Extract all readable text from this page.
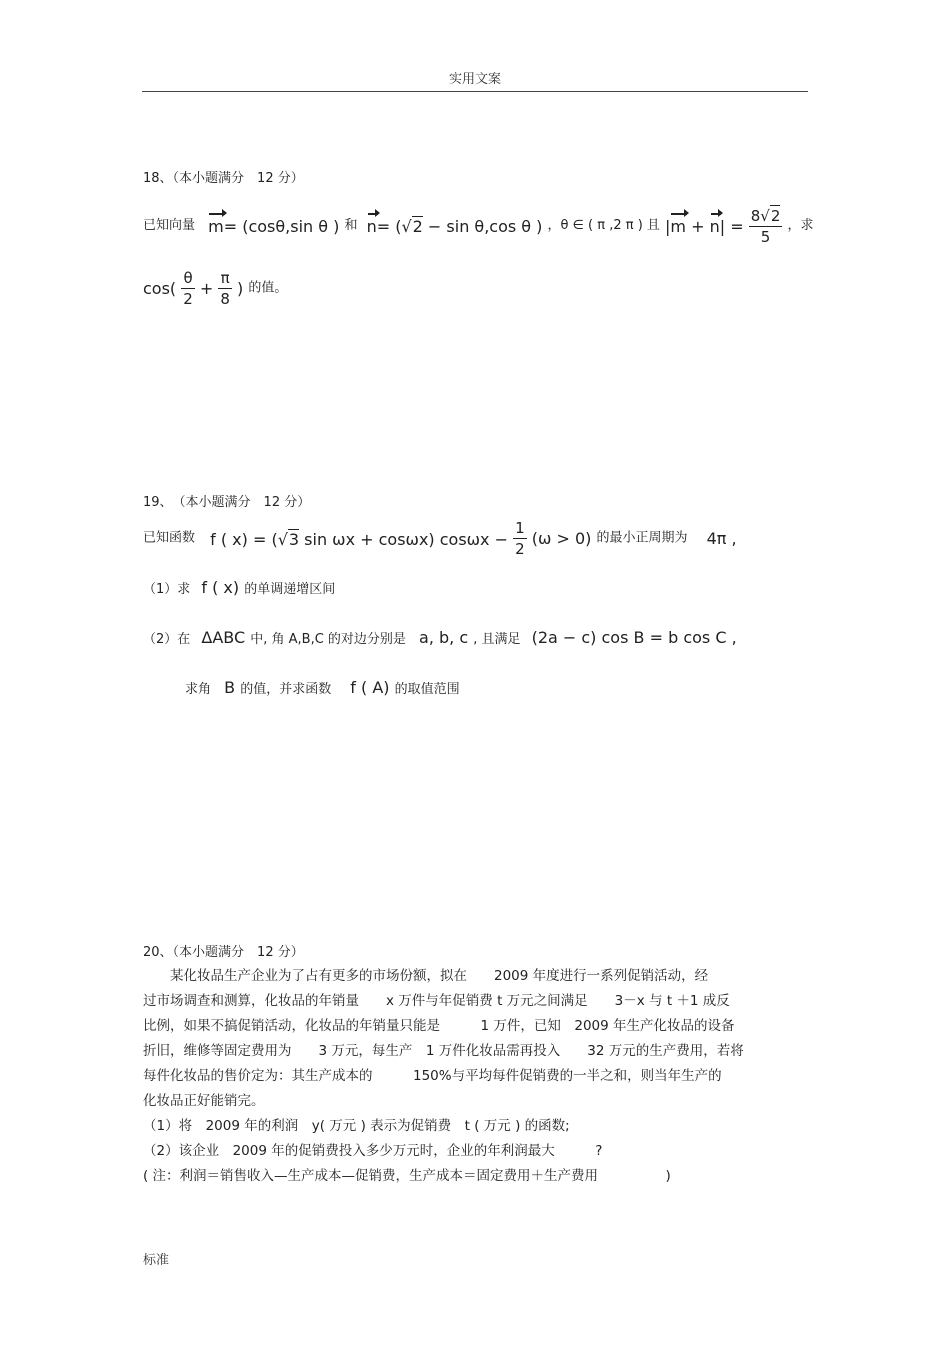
实用文案
18、（本小题满分　12 分）
已知向量 m= (cosθ,sin θ ) 和 n= (√2 − sin θ,cos θ ) ，θ ∈ ( π ,2 π ) 且 $|m + n| = \frac{8√2}{5}$ ，求
$\cos( \frac{\theta}{2} + \frac{\pi}{8}$ ) 的值。
19、　（本小题满分　12 分）
已知函数 f ( x) = (√3 sin ωx + cosωx) $\cos\omega x - \frac{1}{2} (\omega > 0)$ 的最小正周期为 4π ,
（1）求 f ( x) 的单调递增区间
（2）在 ΔABC 中, 角 A,B,C 的对边分别是 a, b, c , 且满足 (2a − c) cos B = b cos C ,
求角 B 的值，并求函数 f ( A) 的取值范围
20、（本小题满分　12 分）
　　某化妆品生产企业为了占有更多的市场份额，拟在　　2009 年度进行一系列促销活动，经
过市场调查和测算，化妆品的年销量　　x 万件与年促销费 t 万元之间满足　　3－x 与 t ＋1 成反
比例，如果不搞促销活动，化妆品的年销量只能是　　　1 万件，已知　2009 年生产化妆品的设备
折旧，维修等固定费用为　　3 万元，每生产　1 万件化妆品需再投入　　32 万元的生产费用，若将
每件化妆品的售价定为：其生产成本的　　　150%与平均每件促销费的一半之和，则当年生产的
化妆品正好能销完。
（1）将　2009 年的利润　y( 万元 ) 表示为促销费　t ( 万元 ) 的函数;
（2）该企业　2009 年的促销费投入多少万元时，企业的年利润最大　　　?
( 注：利润＝销售收入—生产成本—促销费，生产成本＝固定费用＋生产费用　　　　　)
标准
